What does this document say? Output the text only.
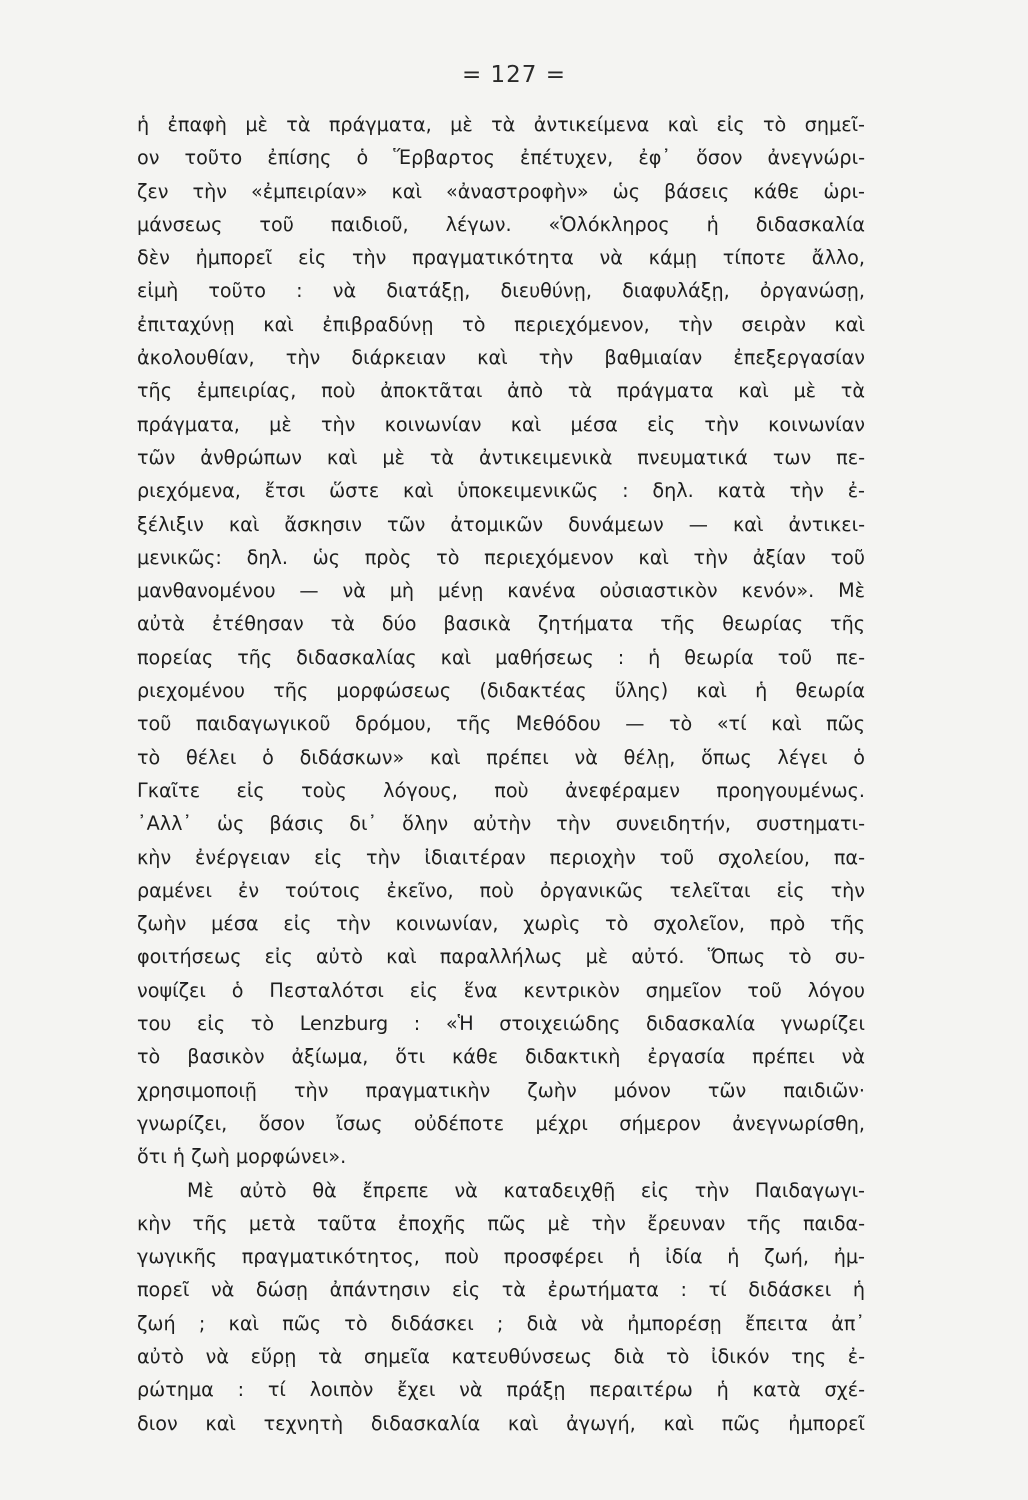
= 127 =
ἡ ἐπαφὴ μὲ τὰ πράγματα, μὲ τὰ ἀντικείμενα καὶ εἰς τὸ σημεῖ-
ον τοῦτο ἐπίσης ὁ Ἕρβαρτος ἐπέτυχεν, ἐφ᾿ ὅσον ἀνεγνώρι-
ζεν τὴν «ἐμπειρίαν» καὶ «ἀναστροφὴν» ὡς βάσεις κάθε ὡρι-
μάνσεως τοῦ παιδιοῦ, λέγων. «Ὁλόκληρος ἡ διδασκαλία
δὲν ἠμπορεῖ εἰς τὴν πραγματικότητα νὰ κάμῃ τίποτε ἄλλο,
εἰμὴ τοῦτο : νὰ διατάξῃ, διευθύνῃ, διαφυλάξῃ, ὀργανώσῃ,
ἐπιταχύνῃ καὶ ἐπιβραδύνῃ τὸ περιεχόμενον, τὴν σειρὰν καὶ
ἀκολουθίαν, τὴν διάρκειαν καὶ τὴν βαθμιαίαν ἐπεξεργασίαν
τῆς ἐμπειρίας, ποὺ ἀποκτᾶται ἀπὸ τὰ πράγματα καὶ μὲ τὰ
πράγματα, μὲ τὴν κοινωνίαν καὶ μέσα εἰς τὴν κοινωνίαν
τῶν ἀνθρώπων καὶ μὲ τὰ ἀντικειμενικὰ πνευματικά των πε-
ριεχόμενα, ἔτσι ὥστε καὶ ὑποκειμενικῶς : δηλ. κατὰ τὴν ἐ-
ξέλιξιν καὶ ἄσκησιν τῶν ἀτομικῶν δυνάμεων — καὶ ἀντικει-
μενικῶς: δηλ. ὡς πρὸς τὸ περιεχόμενον καὶ τὴν ἀξίαν τοῦ
μανθανομένου — νὰ μὴ μένῃ κανένα οὐσιαστικὸν κενόν». Μὲ
αὐτὰ ἐτέθησαν τὰ δύο βασικὰ ζητήματα τῆς θεωρίας τῆς
πορείας τῆς διδασκαλίας καὶ μαθήσεως : ἡ θεωρία τοῦ πε-
ριεχομένου τῆς μορφώσεως (διδακτέας ὕλης) καὶ ἡ θεωρία
τοῦ παιδαγωγικοῦ δρόμου, τῆς Μεθόδου — τὸ «τί καὶ πῶς
τὸ θέλει ὁ διδάσκων» καὶ πρέπει νὰ θέλῃ, ὅπως λέγει ὁ
Γκαῖτε εἰς τοὺς λόγους, ποὺ ἀνεφέραμεν προηγουμένως.
᾿Αλλ᾿ ὡς βάσις δι᾿ ὅλην αὐτὴν τὴν συνειδητήν, συστηματι-
κὴν ἐνέργειαν εἰς τὴν ἰδιαιτέραν περιοχὴν τοῦ σχολείου, πα-
ραμένει ἐν τούτοις ἐκεῖνο, ποὺ ὀργανικῶς τελεῖται εἰς τὴν
ζωὴν μέσα εἰς τὴν κοινωνίαν, χωρὶς τὸ σχολεῖον, πρὸ τῆς
φοιτήσεως εἰς αὐτὸ καὶ παραλλήλως μὲ αὐτό. Ὅπως τὸ συ-
νοψίζει ὁ Πεσταλότσι εἰς ἕνα κεντρικὸν σημεῖον τοῦ λόγου
του εἰς τὸ Lenzburg : «Ἡ στοιχειώδης διδασκαλία γνωρίζει
τὸ βασικὸν ἀξίωμα, ὅτι κάθε διδακτικὴ ἐργασία πρέπει νὰ
χρησιμοποιῇ τὴν πραγματικὴν ζωὴν μόνον τῶν παιδιῶν·
γνωρίζει, ὅσον ἴσως οὐδέποτε μέχρι σήμερον ἀνεγνωρίσθη,
ὅτι ἡ ζωὴ μορφώνει».
Μὲ αὐτὸ θὰ ἔπρεπε νὰ καταδειχθῇ εἰς τὴν Παιδαγωγι-
κὴν τῆς μετὰ ταῦτα ἐποχῆς πῶς μὲ τὴν ἔρευναν τῆς παιδα-
γωγικῆς πραγματικότητος, ποὺ προσφέρει ἡ ἰδία ἡ ζωή, ἠμ-
πορεῖ νὰ δώσῃ ἀπάντησιν εἰς τὰ ἐρωτήματα : τί διδάσκει ἡ
ζωή ; καὶ πῶς τὸ διδάσκει ; διὰ νὰ ἠμπορέσῃ ἔπειτα ἀπ᾿
αὐτὸ νὰ εὕρῃ τὰ σημεῖα κατευθύνσεως διὰ τὸ ἰδικόν της ἐ-
ρώτημα : τί λοιπὸν ἔχει νὰ πράξῃ περαιτέρω ἡ κατὰ σχέ-
διον καὶ τεχνητὴ διδασκαλία καὶ ἀγωγή, καὶ πῶς ἠμπορεῖ
